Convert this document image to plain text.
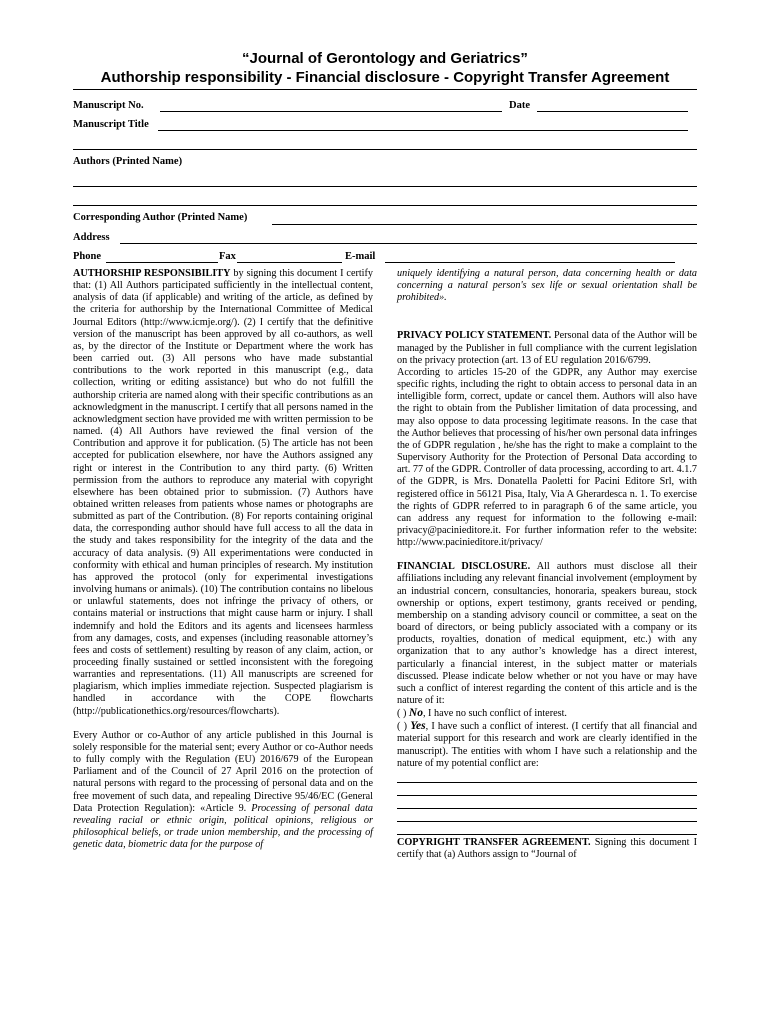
“Journal of Gerontology and Geriatrics”
Authorship responsibility - Financial disclosure - Copyright Transfer Agreement
Manuscript No.	Date
Manuscript Title
Authors (Printed Name)
Corresponding Author (Printed Name)
Address
Phone	Fax	E-mail

AUTHORSHIP RESPONSIBILITY by signing this document I certify that: (1) All Authors participated sufficiently in the intellectual content, analysis of data (if applicable) and writing of the article, as defined by the criteria for authorship by the International Committee of Medical Journal Editors (http://www.icmje.org/). (2) I certify that the definitive version of the manuscript has been approved by all co-authors, as well as, by the director of the Institute or Department where the work has been carried out. (3) All persons who have made substantial contributions to the work reported in this manuscript (e.g., data collection, writing or editing assistance) but who do not fulfill the authorship criteria are named along with their specific contributions as an acknowledgment in the manuscript. I certify that all persons named in the acknowledgment section have provided me with written permission to be named. (4) All Authors have reviewed the final version of the Contribution and approve it for publication. (5) The article has not been accepted for publication elsewhere, nor have the Authors assigned any right or interest in the Contribution to any third party. (6) Written permission from the authors to reproduce any material with copyright elsewhere has been obtained prior to submission. (7) Authors have obtained written releases from patients whose names or photographs are submitted as part of the Contribution. (8) For reports containing original data, the corresponding author should have full access to all the data in the study and takes responsibility for the integrity of the data and the accuracy of data analysis. (9) All experimentations were conducted in conformity with ethical and human principles of research. My institution has approved the protocol (only for experimental investigations involving humans or animals). (10) The contribution contains no libelous or unlawful statements, does not infringe the privacy of others, or contains material or instructions that might cause harm or injury. I shall indemnify and hold the Editors and its agents and licensees harmless from any damages, costs, and expenses (including reasonable attorney’s fees and costs of settlement) resulting by reason of any claim, action, or proceeding finally sustained or settled inconsistent with the foregoing warranties and representations. (11) All manuscripts are screened for plagiarism, which implies immediate rejection. Suspected plagiarism is handled in accordance with the COPE flowcharts (http://publicationethics.org/resources/flowcharts).

Every Author or co-Author of any article published in this Journal is solely responsible for the material sent; every Author or co-Author needs to fully comply with the Regulation (EU) 2016/679 of the European Parliament and of the Council of 27 April 2016 on the protection of natural persons with regard to the processing of personal data and on the free movement of such data, and repealing Directive 95/46/EC (General Data Protection Regulation): «Article 9. Processing of personal data revealing racial or ethnic origin, political opinions, religious or philosophical beliefs, or trade union membership, and the processing of genetic data, biometric data for the purpose of

uniquely identifying a natural person, data concerning health or data concerning a natural person's sex life or sexual orientation shall be prohibited».

PRIVACY POLICY STATEMENT. Personal data of the Author will be managed by the Publisher in full compliance with the current legislation on the privacy protection (art. 13 of EU regulation 2016/6799.

According to articles 15-20 of the GDPR, any Author may exercise specific rights, including the right to obtain access to personal data in an intelligible form, correct, update or cancel them. Authors will also have the right to obtain from the Publisher limitation of data processing, and may also oppose to data processing legitimate reasons. In the case that the Author believes that processing of his/her own personal data infringes the of GDPR regulation , he/she has the right to make a complaint to the Supervisory Authority for the Protection of Personal Data according to art. 77 of the GDPR. Controller of data processing, according to art. 4.1.7 of the GDPR, is Mrs. Donatella Paoletti for Pacini Editore Srl, with registered office in 56121 Pisa, Italy, Via A Gherardesca n. 1. To exercise the rights of GDPR referred to in paragraph 6 of the same article, you can address any request for information to the following e-mail: privacy@pacinieditore.it. For further information refer to the website: http://www.pacinieditore.it/privacy/

FINANCIAL DISCLOSURE. All authors must disclose all their affiliations including any relevant financial involvement (employment by an industrial concern, consultancies, honoraria, speakers bureau, stock ownership or options, expert testimony, grants received or pending, membership on a standing advisory council or committee, a seat on the board of directors, or being publicly associated with a company or its products, royalties, donation of medical equipment, etc.) with any organization that to any author’s knowledge has a direct interest, particularly a financial interest, in the subject matter or materials discussed. Please indicate below whether or not you have or may have such a conflict of interest regarding the content of this article and is the nature of it:

( ) No, I have no such conflict of interest.

( ) Yes, I have such a conflict of interest. (I certify that all financial and material support for this research and work are clearly identified in the manuscript). The entities with whom I have such a relationship and the nature of my potential conflict are:

COPYRIGHT TRANSFER AGREEMENT. Signing this document I certify that (a) Authors assign to “Journal of
